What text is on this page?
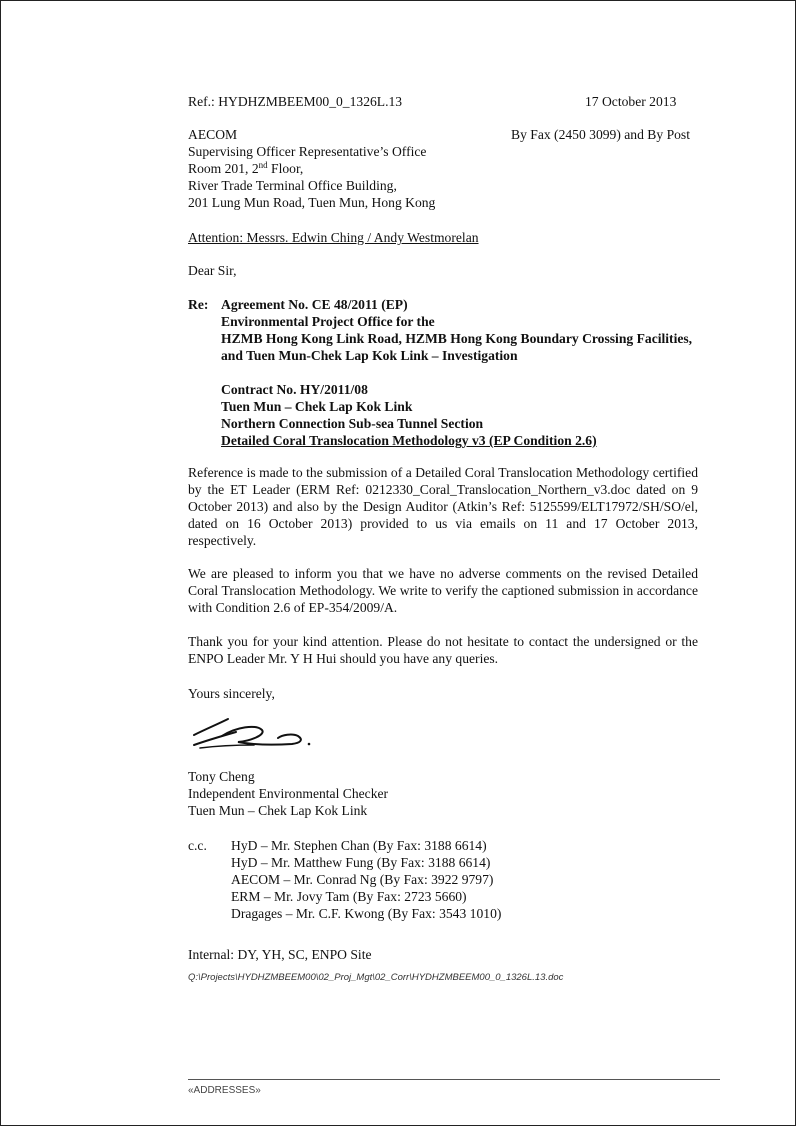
Ref.: HYDHZMBEEM00_0_1326L.13	17 October 2013
AECOM
Supervising Officer Representative’s Office
Room 201, 2nd Floor,
River Trade Terminal Office Building,
201 Lung Mun Road, Tuen Mun, Hong Kong
By Fax (2450 3099) and By Post
Attention: Messrs. Edwin Ching / Andy Westmorelan
Dear Sir,
Re: Agreement No. CE 48/2011 (EP)
Environmental Project Office for the
HZMB Hong Kong Link Road, HZMB Hong Kong Boundary Crossing Facilities,
and Tuen Mun-Chek Lap Kok Link – Investigation
Contract No. HY/2011/08
Tuen Mun – Chek Lap Kok Link
Northern Connection Sub-sea Tunnel Section
Detailed Coral Translocation Methodology v3 (EP Condition 2.6)
Reference is made to the submission of a Detailed Coral Translocation Methodology certified by the ET Leader (ERM Ref: 0212330_Coral_Translocation_Northern_v3.doc dated on 9 October 2013) and also by the Design Auditor (Atkin’s Ref: 5125599/ELT17972/SH/SO/el, dated on 16 October 2013) provided to us via emails on 11 and 17 October 2013, respectively.
We are pleased to inform you that we have no adverse comments on the revised Detailed Coral Translocation Methodology. We write to verify the captioned submission in accordance with Condition 2.6 of EP-354/2009/A.
Thank you for your kind attention. Please do not hesitate to contact the undersigned or the ENPO Leader Mr. Y H Hui should you have any queries.
Yours sincerely,
Tony Cheng
Independent Environmental Checker
Tuen Mun – Chek Lap Kok Link
c.c. HyD – Mr. Stephen Chan (By Fax: 3188 6614)
HyD – Mr. Matthew Fung (By Fax: 3188 6614)
AECOM – Mr. Conrad Ng (By Fax: 3922 9797)
ERM – Mr. Jovy Tam (By Fax: 2723 5660)
Dragages – Mr. C.F. Kwong (By Fax: 3543 1010)
Internal: DY, YH, SC, ENPO Site
Q:\Projects\HYDHZMBEEM00\02_Proj_Mgt\02_Corr\HYDHZMBEEM00_0_1326L.13.doc
«ADDRESSES»
